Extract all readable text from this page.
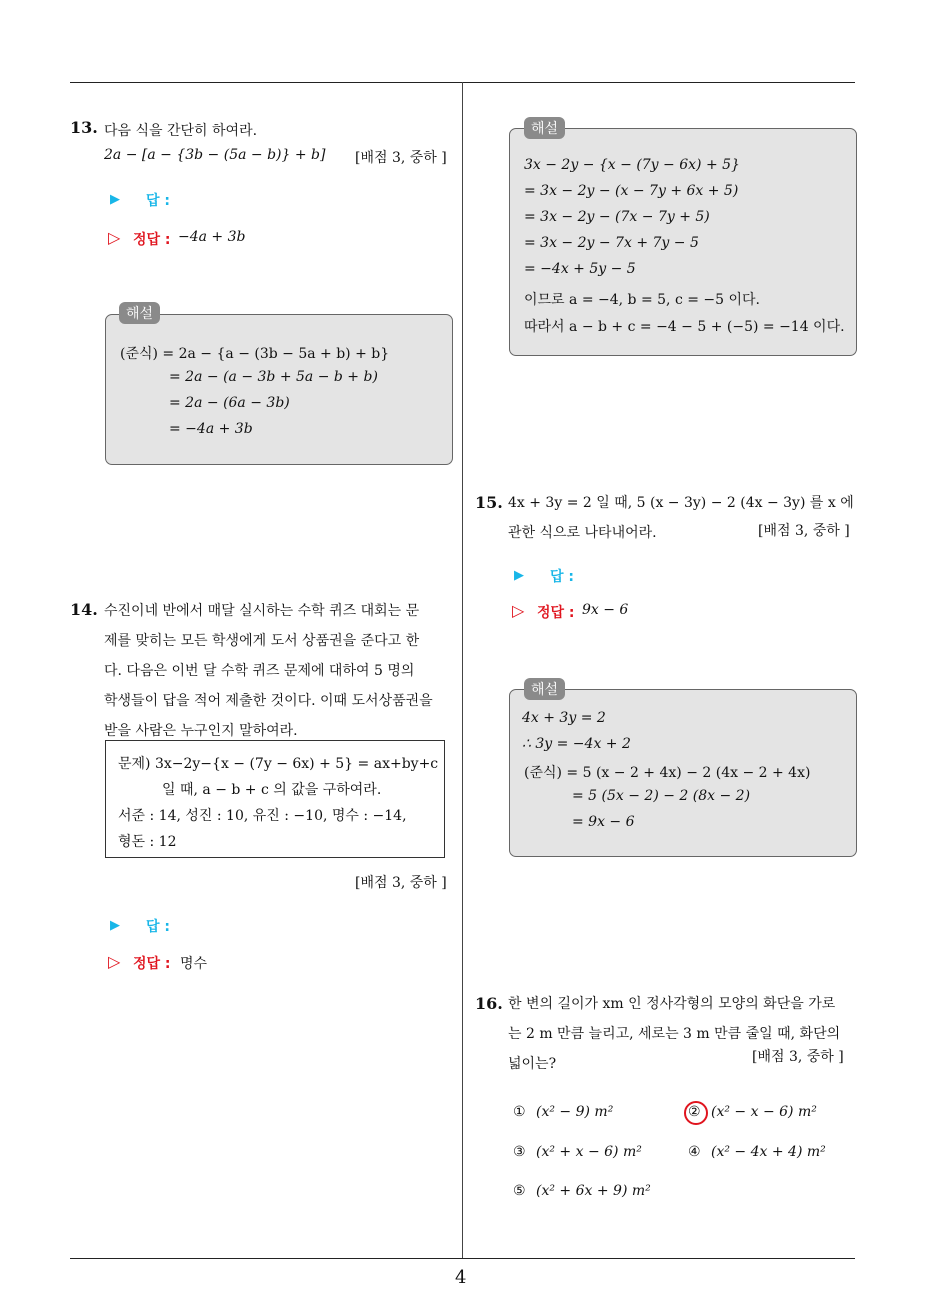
4
13. 다음 식을 간단히 하여라.
2a − [a − {3b − (5a − b)} + b] [배점 3, 중하 ]
▶ 답 :
▷ 정답 : −4a + 3b
(준식) = 2a − {a − (3b − 5a + b) + b}
= 2a − (a − 3b + 5a − b + b)
= 2a − (6a − 3b)
= −4a + 3b
해설
14. 수진이네 반에서 매달 실시하는 수학 퀴즈 대회는 문
제를 맞히는 모든 학생에게 도서 상품권을 준다고 한
다. 다음은 이번 달 수학 퀴즈 문제에 대하여 5 명의
학생들이 답을 적어 제출한 것이다. 이때 도서상품권을
받을 사람은 누구인지 말하여라.
문제) 3x−2y−{x − (7y − 6x) + 5} = ax+by+c
일 때, a − b + c 의 값을 구하여라.
서준 : 14, 성진 : 10, 유진 : −10, 명수 : −14,
형돈 : 12
[배점 3, 중하 ]
▶ 답 :
▷ 정답 : 명수
3x − 2y − {x − (7y − 6x) + 5}
= 3x − 2y − (x − 7y + 6x + 5)
= 3x − 2y − (7x − 7y + 5)
= 3x − 2y − 7x + 7y − 5
= −4x + 5y − 5
이므로 a = −4, b = 5, c = −5 이다.
따라서 a − b + c = −4 − 5 + (−5) = −14 이다.
해설
15. 4x + 3y = 2 일 때, 5 (x − 3y) − 2 (4x − 3y) 를 x 에
관한 식으로 나타내어라.	[배점 3, 중하 ]
▶ 답 :
▷ 정답 : 9x − 6
4x + 3y = 2
∴ 3y = −4x + 2
(준식) = 5 (x − 2 + 4x) − 2 (4x − 2 + 4x)
= 5 (5x − 2) − 2 (8x − 2)
= 9x − 6
해설
16. 한 변의 길이가 xm 인 정사각형의 모양의 화단을 가로
는 2 m 만큼 늘리고, 세로는 3 m 만큼 줄일 때, 화단의
넓이는?	[배점 3, 중하 ]
① (x² − 9) m²	② (x² − x − 6) m²
③ (x² + x − 6) m²	④ (x² − 4x + 4) m²
⑤ (x² + 6x + 9) m²
